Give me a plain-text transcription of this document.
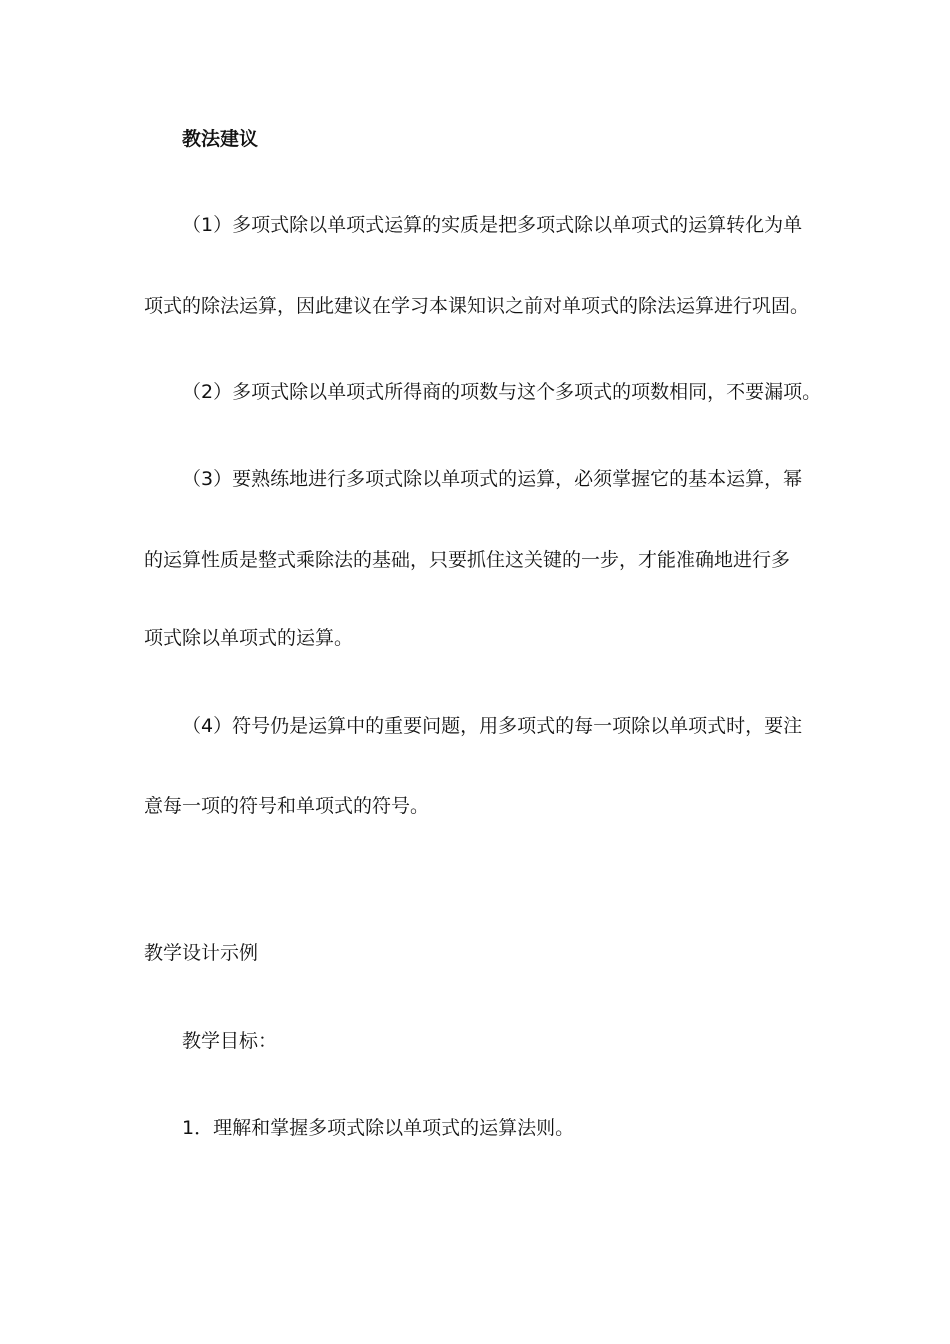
教法建议
（1）多项式除以单项式运算的实质是把多项式除以单项式的运算转化为单
项式的除法运算，因此建议在学习本课知识之前对单项式的除法运算进行巩固。
（2）多项式除以单项式所得商的项数与这个多项式的项数相同，不要漏项。
（3）要熟练地进行多项式除以单项式的运算，必须掌握它的基本运算，幂
的运算性质是整式乘除法的基础，只要抓住这关键的一步，才能准确地进行多
项式除以单项式的运算。
（4）符号仍是运算中的重要问题，用多项式的每一项除以单项式时，要注
意每一项的符号和单项式的符号。
教学设计示例
教学目标：
1．理解和掌握多项式除以单项式的运算法则。
